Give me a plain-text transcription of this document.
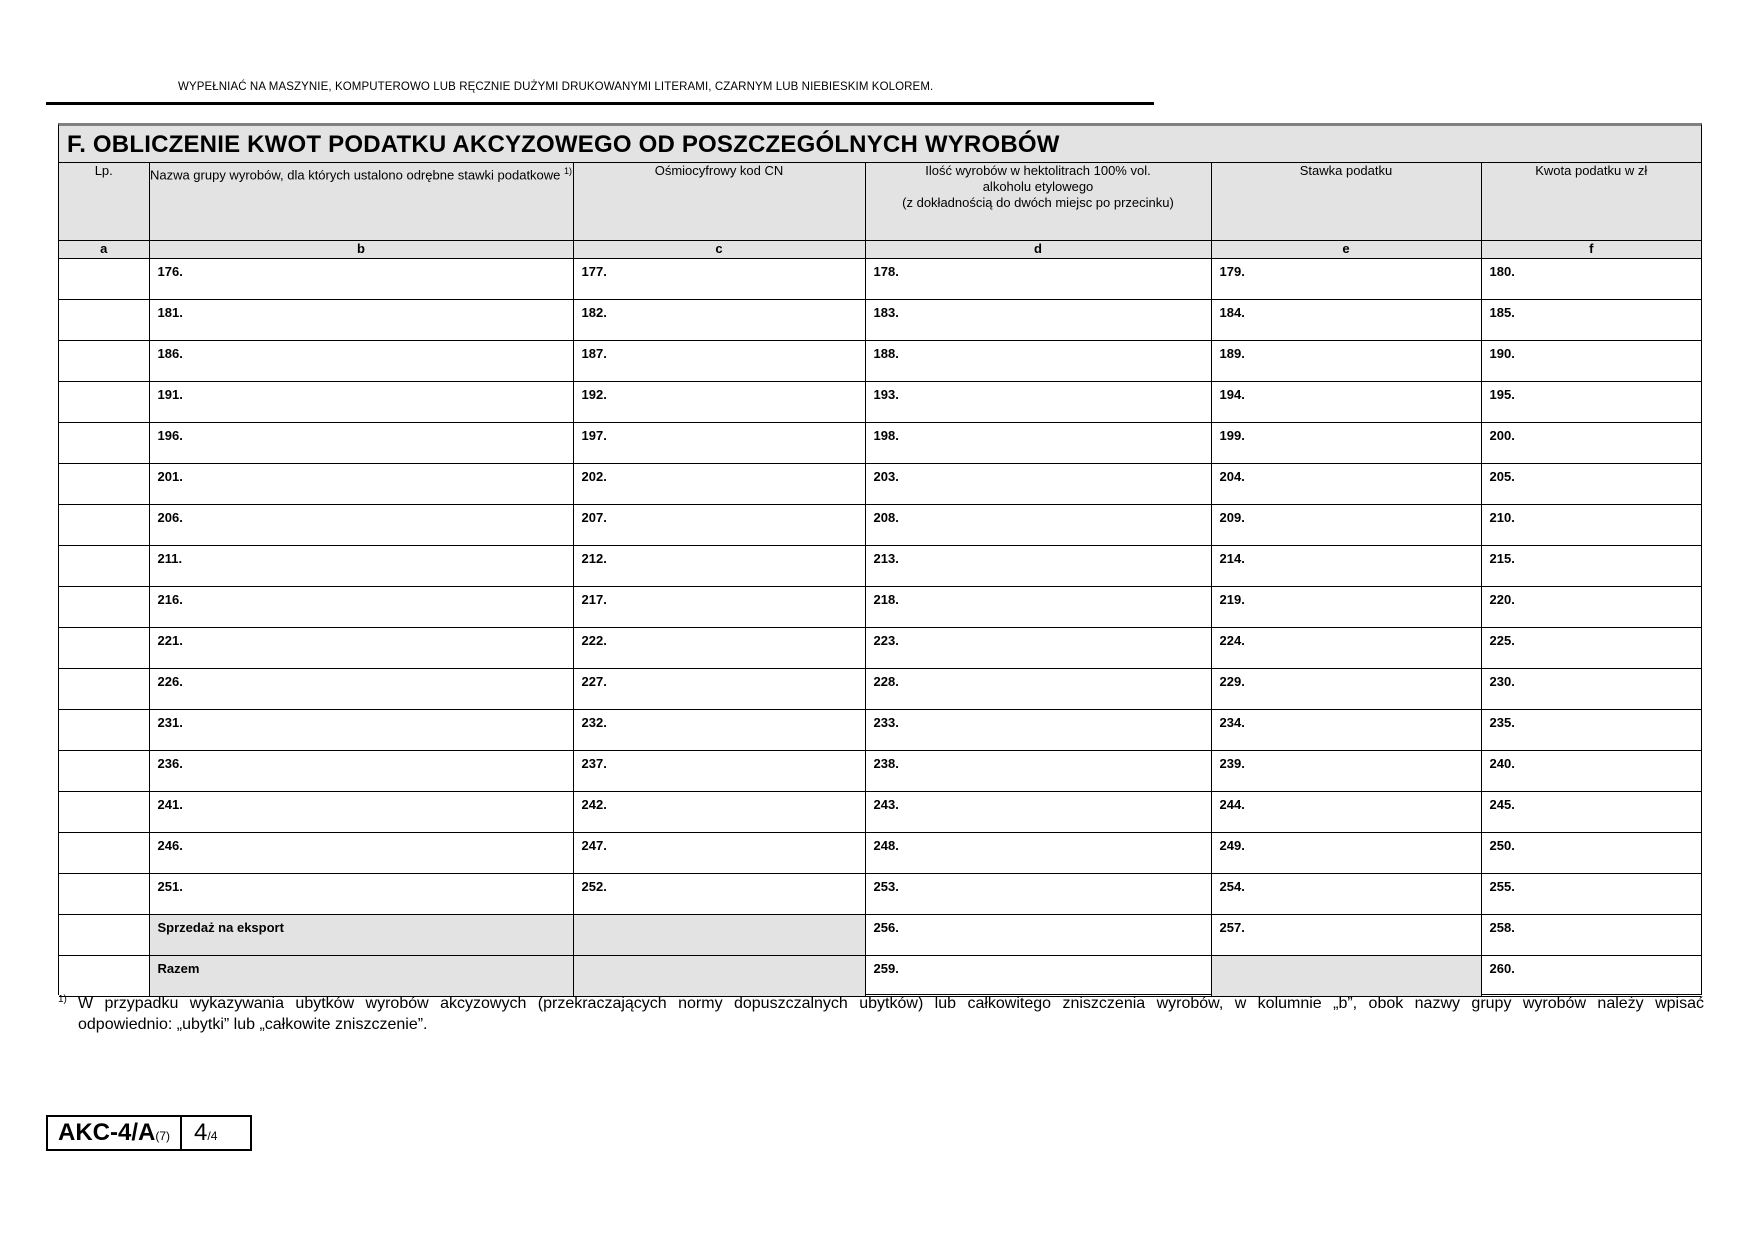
WYPEŁNIAĆ NA MASZYNIE, KOMPUTEROWO LUB RĘCZNIE DUŻYMI DRUKOWANYMI LITERAMI, CZARNYM LUB NIEBIESKIM KOLOREM.
F. OBLICZENIE KWOT PODATKU AKCYZOWEGO OD POSZCZEGÓLNYCH WYROBÓW
Lp.	Nazwa grupy wyrobów, dla których ustalono odrębne stawki podatkowe $^{1)}$	Ośmiocyfrowy kod CN	Ilość wyrobów w hektolitrach 100% vol.
alkoholu etylowego
(z dokładnością do dwóch miejsc po przecinku)	Stawka podatku	Kwota podatku w zł
a	b	c	d	e	f

	176.	177.	178.	179.	180.

	181.	182.	183.	184.	185.

	186.	187.	188.	189.	190.

	191.	192.	193.	194.	195.

	196.	197.	198.	199.	200.

	201.	202.	203.	204.	205.

	206.	207.	208.	209.	210.

	211.	212.	213.	214.	215.

	216.	217.	218.	219.	220.

	221.	222.	223.	224.	225.

	226.	227.	228.	229.	230.

	231.	232.	233.	234.	235.

	236.	237.	238.	239.	240.

	241.	242.	243.	244.	245.

	246.	247.	248.	249.	250.

	251.	252.	253.	254.	255.

	Sprzedaż na eksport		256.	257.	258.

	Razem		259.		260.
1) W przypadku wykazywania ubytków wyrobów akcyzowych (przekraczających normy dopuszczalnych ubytków) lub całkowitego zniszczenia wyrobów, w kolumnie „b”, obok nazwy grupy wyrobów należy wpisać
odpowiednio: „ubytki” lub „całkowite zniszczenie”.
AKC-4/A(7)	4/4
